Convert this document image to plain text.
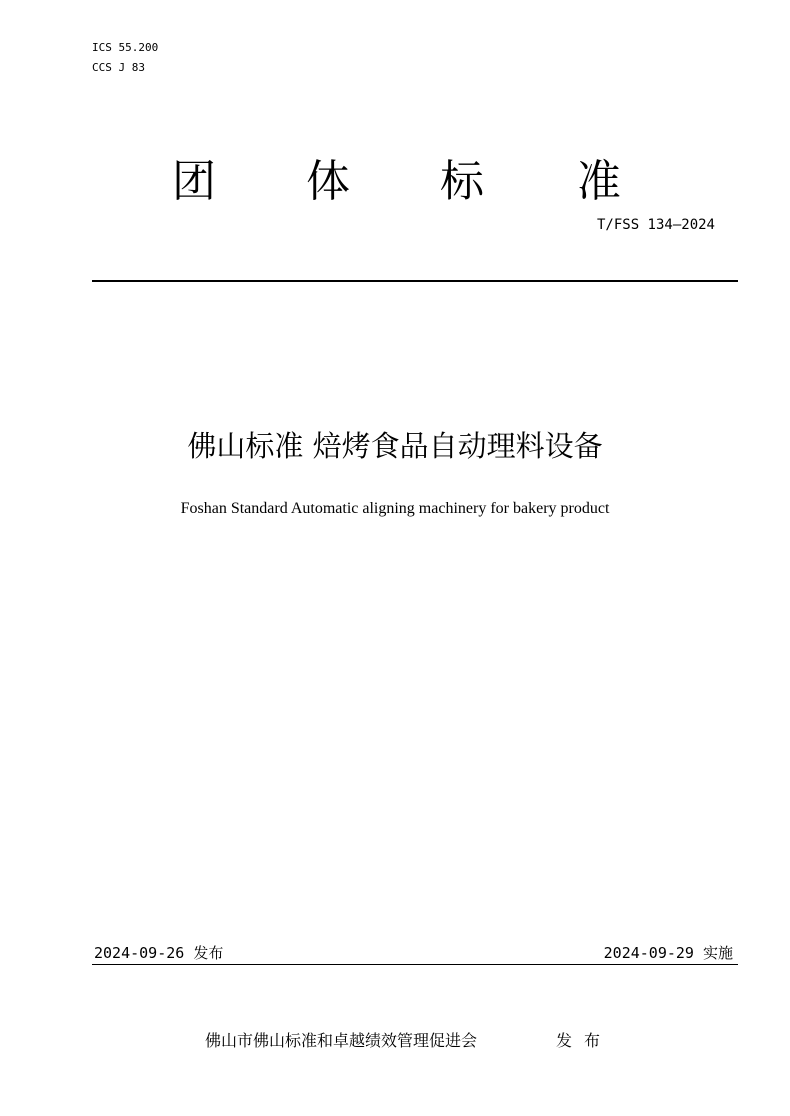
ICS 55.200
CCS J 83
团 体 标 准
T/FSS 134—2024
佛山标准 焙烤食品自动理料设备
Foshan Standard Automatic aligning machinery for bakery product
2024-09-26 发布	2024-09-29 实施
佛山市佛山标准和卓越绩效管理促进会	发布
